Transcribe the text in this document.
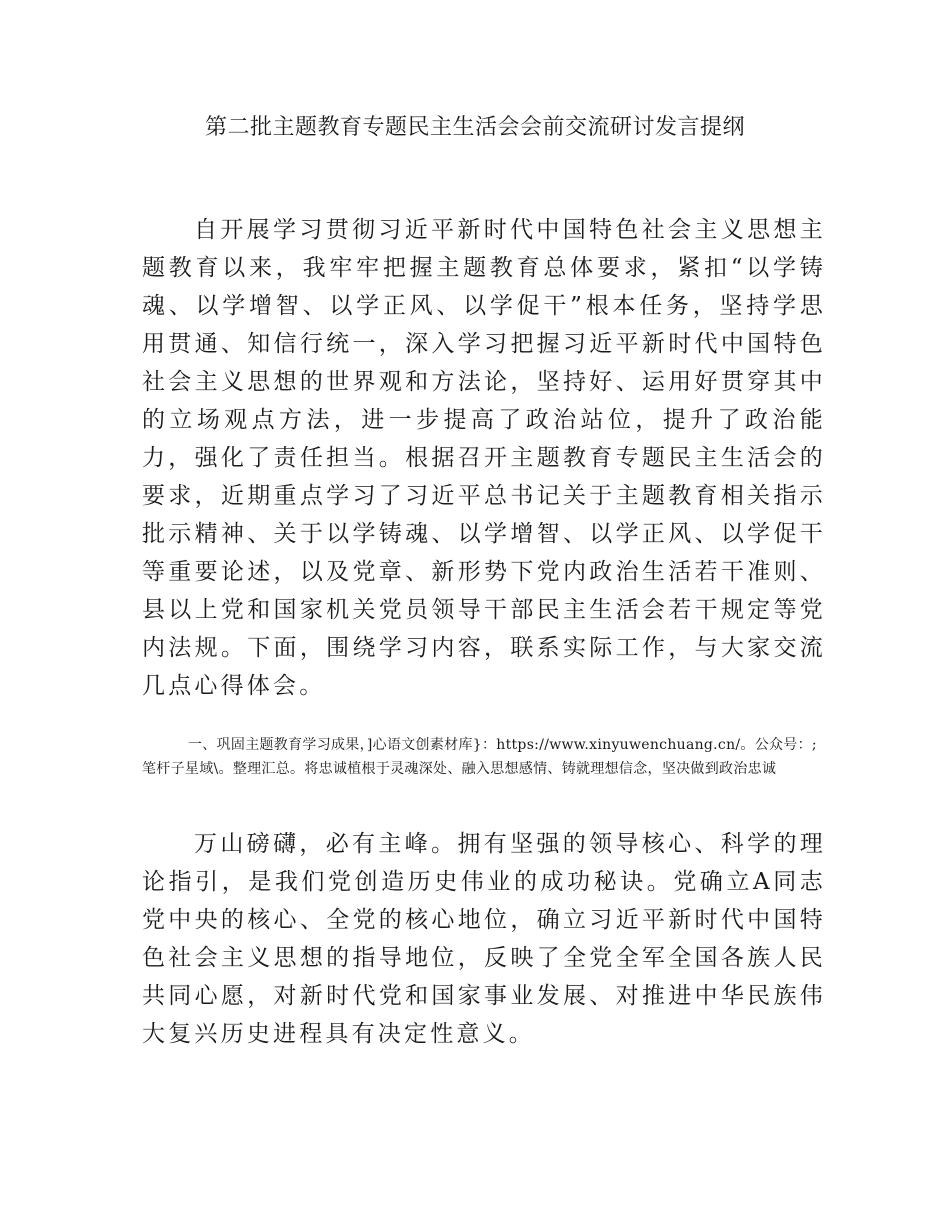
第二批主题教育专题民主生活会会前交流研讨发言提纲

自开展学习贯彻习近平新时代中国特色社会主义思想主题教育以来，我牢牢把握主题教育总体要求，紧扣“以学铸魂、以学增智、以学正风、以学促干”根本任务，坚持学思用贯通、知信行统一，深入学习把握习近平新时代中国特色社会主义思想的世界观和方法论，坚持好、运用好贯穿其中的立场观点方法，进一步提高了政治站位，提升了政治能力，强化了责任担当。根据召开主题教育专题民主生活会的要求，近期重点学习了习近平总书记关于主题教育相关指示批示精神、关于以学铸魂、以学增智、以学正风、以学促干等重要论述，以及党章、新形势下党内政治生活若干准则、县以上党和国家机关党员领导干部民主生活会若干规定等党内法规。下面，围绕学习内容，联系实际工作，与大家交流几点心得体会。

一、巩固主题教育学习成果，]心语文创素材库}：https://www.xinyuwenchuang.cn/。公众号：;笔杆子星域\。整理汇总。将忠诚植根于灵魂深处、融入思想感情、铸就理想信念，坚决做到政治忠诚

万山磅礴，必有主峰。拥有坚强的领导核心、科学的理论指引，是我们党创造历史伟业的成功秘诀。党确立A同志党中央的核心、全党的核心地位，确立习近平新时代中国特色社会主义思想的指导地位，反映了全党全军全国各族人民共同心愿，对新时代党和国家事业发展、对推进中华民族伟大复兴历史进程具有决定性意义。
